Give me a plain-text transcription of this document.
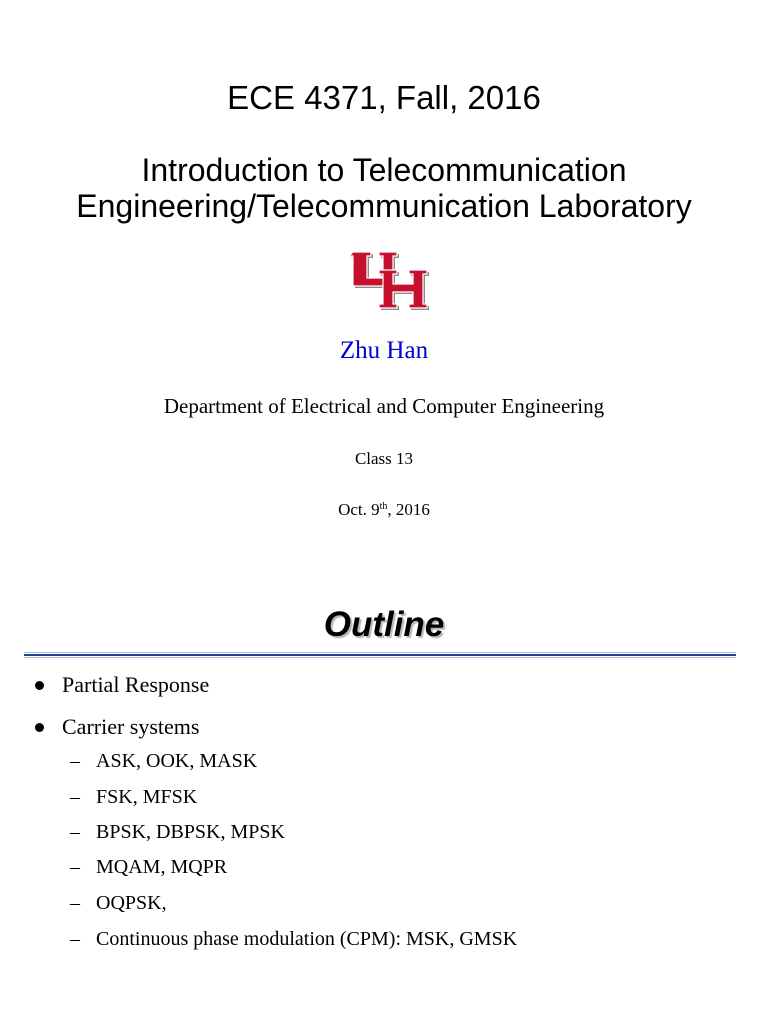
ECE 4371, Fall, 2016
Introduction to Telecommunication
Engineering/Telecommunication Laboratory
Zhu Han
Department of Electrical and Computer Engineering
Class 13
Oct. 9th, 2016
Outline
Partial Response
Carrier systems
– ASK, OOK, MASK
– FSK, MFSK
– BPSK, DBPSK, MPSK
– MQAM, MQPR
– OQPSK,
– Continuous phase modulation (CPM): MSK, GMSK
